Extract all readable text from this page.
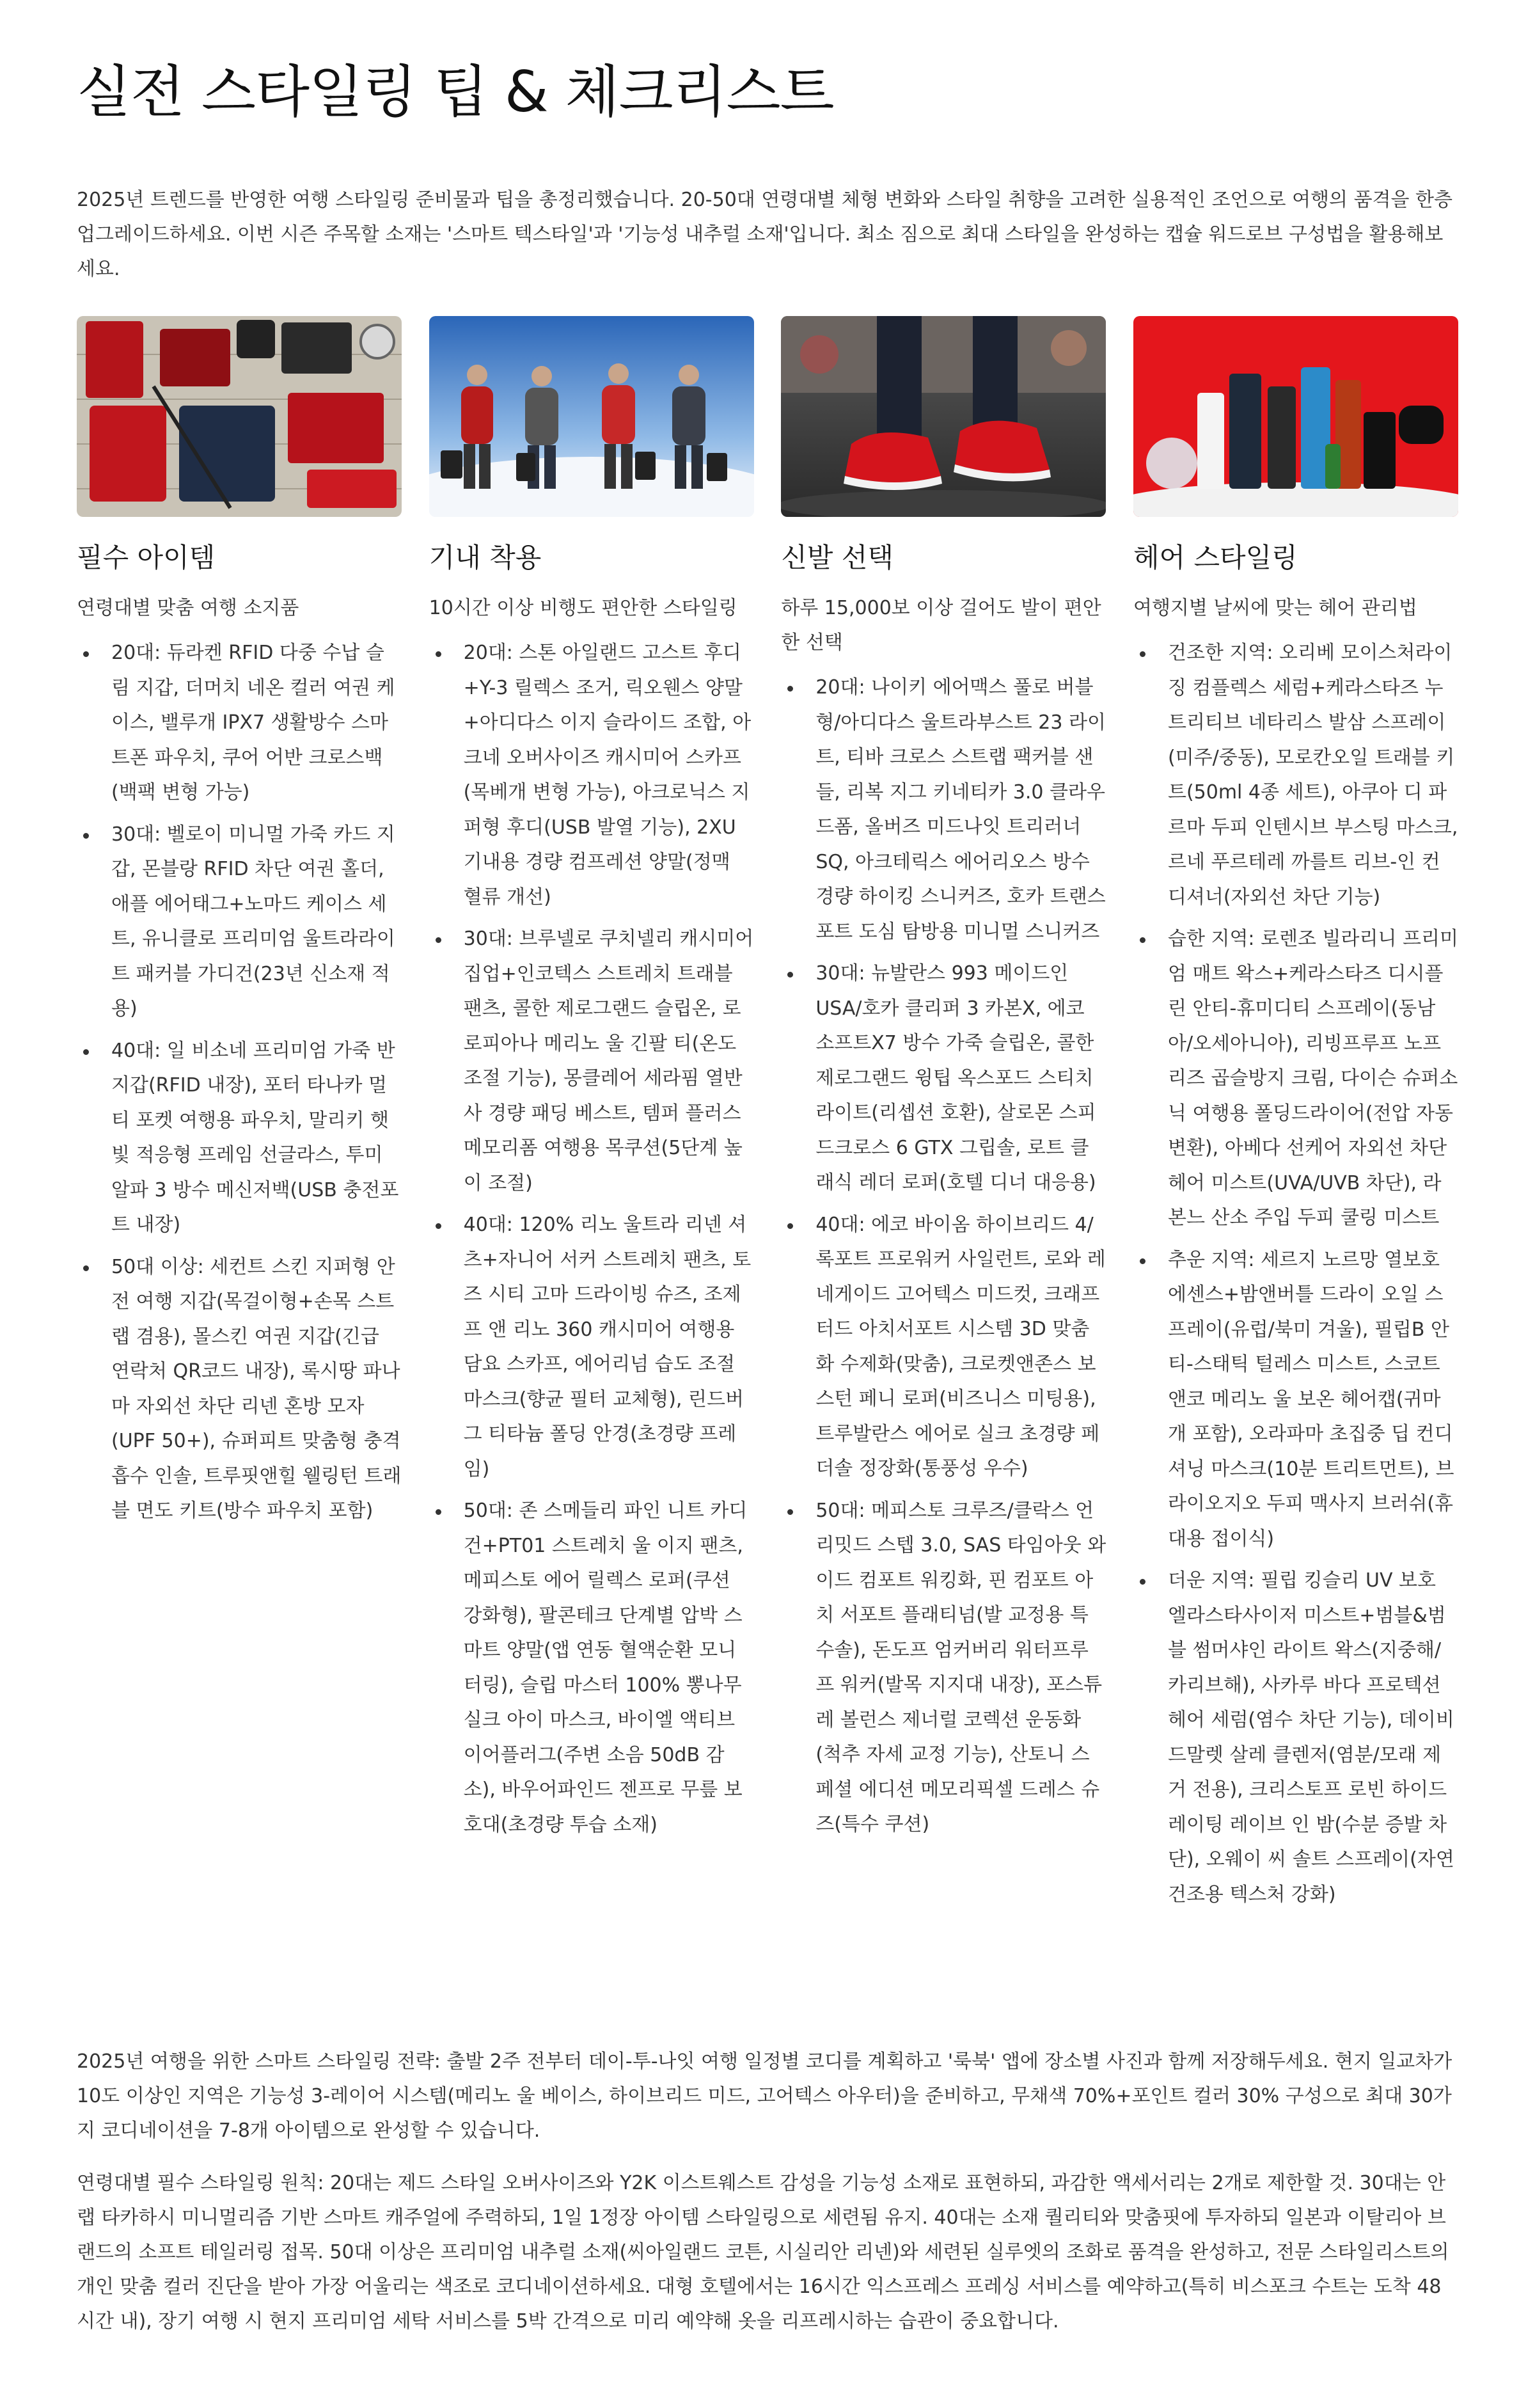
실전 스타일링 팁 & 체크리스트

2025년 트렌드를 반영한 여행 스타일링 준비물과 팁을 총정리했습니다. 20-50대 연령대별 체형 변화와 스타일 취향을 고려한 실용적인 조언으로 여행의 품격을 한층 업그레이드하세요. 이번 시즌 주목할 소재는 '스마트 텍스타일'과 '기능성 내추럴 소재'입니다. 최소 짐으로 최대 스타일을 완성하는 캡슐 워드로브 구성법을 활용해보세요.

필수 아이템

연령대별 맞춤 여행 소지품

20대: 듀라켄 RFID 다중 수납 슬림 지갑, 더머치 네온 컬러 여권 케이스, 밸루개 IPX7 생활방수 스마트폰 파우치, 쿠어 어반 크로스백(백팩 변형 가능)
30대: 벨로이 미니멀 가죽 카드 지갑, 몬블랑 RFID 차단 여권 홀더, 애플 에어태그+노마드 케이스 세트, 유니클로 프리미엄 울트라라이트 패커블 가디건(23년 신소재 적용)
40대: 일 비소네 프리미엄 가죽 반지갑(RFID 내장), 포터 타나카 멀티 포켓 여행용 파우치, 말리키 햇빛 적응형 프레임 선글라스, 투미 알파 3 방수 메신저백(USB 충전포트 내장)
50대 이상: 세컨트 스킨 지퍼형 안전 여행 지갑(목걸이형+손목 스트랩 겸용), 몰스킨 여권 지갑(긴급 연락처 QR코드 내장), 록시땅 파나마 자외선 차단 리넨 혼방 모자(UPF 50+), 슈퍼피트 맞춤형 충격 흡수 인솔, 트루핏앤힐 웰링턴 트래블 면도 키트(방수 파우치 포함)
기내 착용

10시간 이상 비행도 편안한 스타일링

20대: 스톤 아일랜드 고스트 후디+Y-3 릴렉스 조거, 릭오웬스 양말+아디다스 이지 슬라이드 조합, 아크네 오버사이즈 캐시미어 스카프(목베개 변형 가능), 아크로닉스 지퍼형 후디(USB 발열 기능), 2XU 기내용 경량 컴프레션 양말(정맥 혈류 개선)
30대: 브루넬로 쿠치넬리 캐시미어 집업+인코텍스 스트레치 트래블 팬츠, 콜한 제로그랜드 슬립온, 로로피아나 메리노 울 긴팔 티(온도 조절 기능), 몽클레어 세라핌 열반사 경량 패딩 베스트, 템퍼 플러스 메모리폼 여행용 목쿠션(5단계 높이 조절)
40대: 120% 리노 울트라 리넨 셔츠+자니어 서커 스트레치 팬츠, 토즈 시티 고마 드라이빙 슈즈, 조제프 앤 리노 360 캐시미어 여행용 담요 스카프, 에어리넘 습도 조절 마스크(향균 필터 교체형), 린드버그 티타늄 폴딩 안경(초경량 프레임)
50대: 존 스메들리 파인 니트 카디건+PT01 스트레치 울 이지 팬츠, 메피스토 에어 릴렉스 로퍼(쿠션 강화형), 팔콘테크 단계별 압박 스마트 양말(앱 연동 혈액순환 모니터링), 슬립 마스터 100% 뽕나무 실크 아이 마스크, 바이엘 액티브 이어플러그(주변 소음 50dB 감소), 바우어파인드 젠프로 무릎 보호대(초경량 투습 소재)
신발 선택

하루 15,000보 이상 걸어도 발이 편안한 선택

20대: 나이키 에어맥스 풀로 버블형/아디다스 울트라부스트 23 라이트, 티바 크로스 스트랩 팩커블 샌들, 리복 지그 키네티카 3.0 클라우드폼, 올버즈 미드나잇 트리러너 SQ, 아크테릭스 에어리오스 방수 경량 하이킹 스니커즈, 호카 트랜스포트 도심 탐방용 미니멀 스니커즈
30대: 뉴발란스 993 메이드인 USA/호카 클리퍼 3 카본X, 에코 소프트X7 방수 가죽 슬립온, 콜한 제로그랜드 윙팁 옥스포드 스티치라이트(리셉션 호환), 살로몬 스피드크로스 6 GTX 그립솔, 로트 클래식 레더 로퍼(호텔 디너 대응용)
40대: 에코 바이옴 하이브리드 4/록포트 프로워커 사일런트, 로와 레네게이드 고어텍스 미드컷, 크래프터드 아치서포트 시스템 3D 맞춤화 수제화(맞춤), 크로켓앤존스 보스턴 페니 로퍼(비즈니스 미팅용), 트루발란스 에어로 실크 초경량 페더솔 정장화(통풍성 우수)
50대: 메피스토 크루즈/클락스 언리밋드 스텝 3.0, SAS 타임아웃 와이드 컴포트 워킹화, 핀 컴포트 아치 서포트 플래티넘(발 교정용 특수솔), 돈도프 엄커버리 워터프루프 워커(발목 지지대 내장), 포스튜레 볼런스 제너럴 코렉션 운동화(척추 자세 교정 기능), 산토니 스페셜 에디션 메모리픽셀 드레스 슈즈(특수 쿠션)
헤어 스타일링

여행지별 날씨에 맞는 헤어 관리법

건조한 지역: 오리베 모이스처라이징 컴플렉스 세럼+케라스타즈 누트리티브 네타리스 발삼 스프레이(미주/중동), 모로칸오일 트래블 키트(50ml 4종 세트), 아쿠아 디 파르마 두피 인텐시브 부스팅 마스크, 르네 푸르테레 까를트 리브-인 컨디셔너(자외선 차단 기능)
습한 지역: 로렌조 빌라리니 프리미엄 매트 왁스+케라스타즈 디시플린 안티-휴미디티 스프레이(동남아/오세아니아), 리빙프루프 노프리즈 곱슬방지 크림, 다이슨 슈퍼소닉 여행용 폴딩드라이어(전압 자동변환), 아베다 선케어 자외선 차단 헤어 미스트(UVA/UVB 차단), 라본느 산소 주입 두피 쿨링 미스트
추운 지역: 세르지 노르망 열보호 에센스+밤앤버틀 드라이 오일 스프레이(유럽/북미 겨울), 필립B 안티-스태틱 털레스 미스트, 스코트앤코 메리노 울 보온 헤어캡(귀마개 포함), 오라파마 초집중 딥 컨디셔닝 마스크(10분 트리트먼트), 브라이오지오 두피 맥사지 브러쉬(휴대용 접이식)
더운 지역: 필립 킹슬리 UV 보호 엘라스타사이저 미스트+범블&범블 썸머샤인 라이트 왁스(지중해/카리브해), 사카루 바다 프로텍션 헤어 세럼(염수 차단 기능), 데이비드말렛 살레 클렌저(염분/모래 제거 전용), 크리스토프 로빈 하이드레이팅 레이브 인 밤(수분 증발 차단), 오웨이 씨 솔트 스프레이(자연 건조용 텍스처 강화)

2025년 여행을 위한 스마트 스타일링 전략: 출발 2주 전부터 데이-투-나잇 여행 일정별 코디를 계획하고 '룩북' 앱에 장소별 사진과 함께 저장해두세요. 현지 일교차가 10도 이상인 지역은 기능성 3-레이어 시스템(메리노 울 베이스, 하이브리드 미드, 고어텍스 아우터)을 준비하고, 무채색 70%+포인트 컬러 30% 구성으로 최대 30가지 코디네이션을 7-8개 아이템으로 완성할 수 있습니다.

연령대별 필수 스타일링 원칙: 20대는 제드 스타일 오버사이즈와 Y2K 이스트웨스트 감성을 기능성 소재로 표현하되, 과감한 액세서리는 2개로 제한할 것. 30대는 안랩 타카하시 미니멀리즘 기반 스마트 캐주얼에 주력하되, 1일 1정장 아이템 스타일링으로 세련됨 유지. 40대는 소재 퀄리티와 맞춤핏에 투자하되 일본과 이탈리아 브랜드의 소프트 테일러링 접목. 50대 이상은 프리미엄 내추럴 소재(씨아일랜드 코튼, 시실리안 리넨)와 세련된 실루엣의 조화로 품격을 완성하고, 전문 스타일리스트의 개인 맞춤 컬러 진단을 받아 가장 어울리는 색조로 코디네이션하세요. 대형 호텔에서는 16시간 익스프레스 프레싱 서비스를 예약하고(특히 비스포크 수트는 도착 48시간 내), 장기 여행 시 현지 프리미엄 세탁 서비스를 5박 간격으로 미리 예약해 옷을 리프레시하는 습관이 중요합니다.
